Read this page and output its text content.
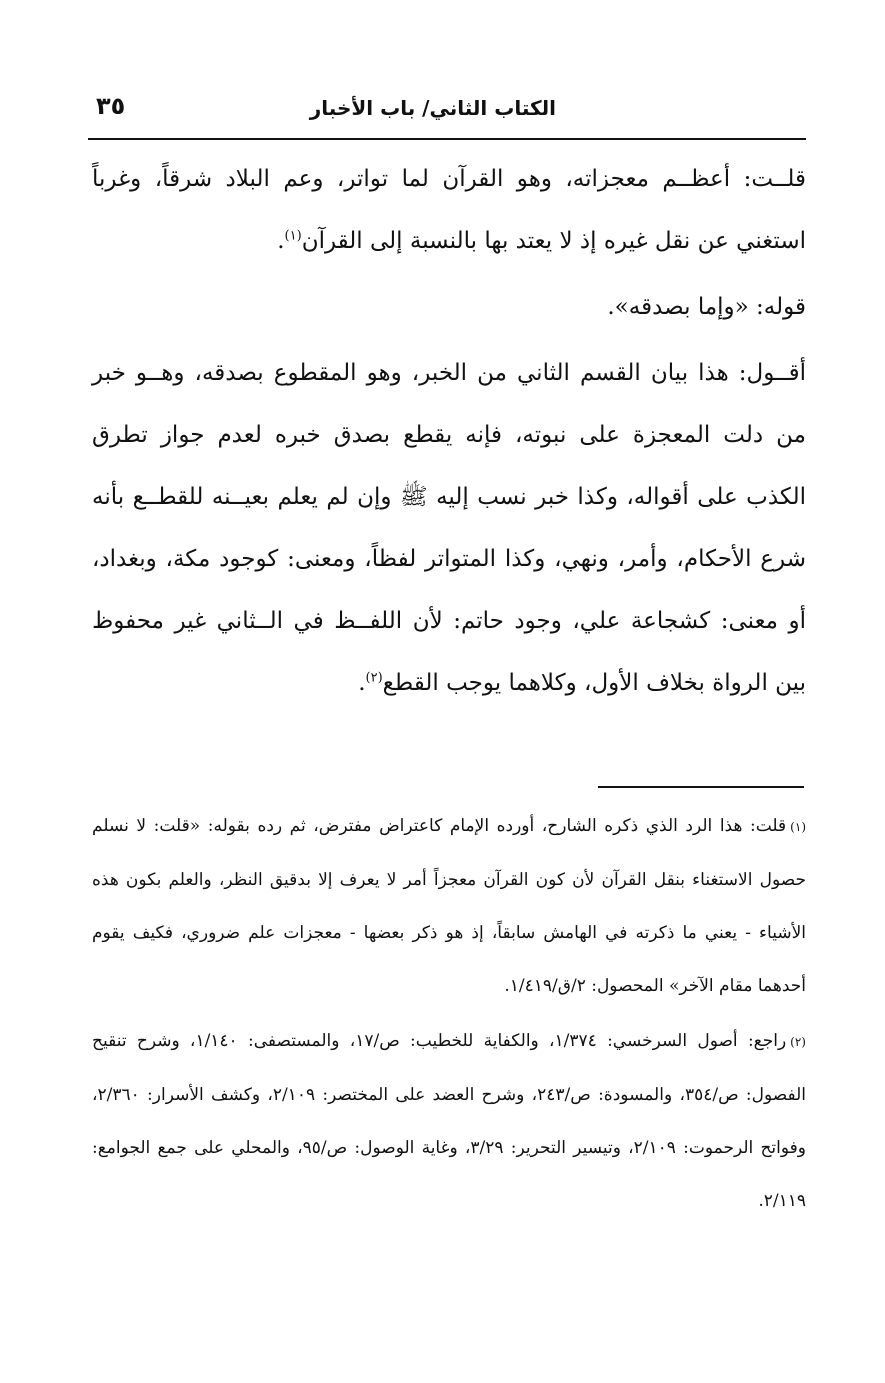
الكتاب الثاني/ باب الأخبار
٣٥

قلــت: أعظــم معجزاته، وهو القرآن لما تواتر، وعم البلاد شرقاً، وغرباً استغني عن نقل غيره إذ لا يعتد بها بالنسبة إلى القرآن$^{(١)}$.

قوله: «وإما بصدقه».

أقــول: هذا بيان القسم الثاني من الخبر، وهو المقطوع بصدقه، وهــو خبر من دلت المعجزة على نبوته، فإنه يقطع بصدق خبره لعدم جواز تطرق الكذب على أقواله، وكذا خبر نسب إليه ﷺ وإن لم يعلم بعيــنه للقطــع بأنه شرع الأحكام، وأمر، ونهي، وكذا المتواتر لفظاً، ومعنى: كوجود مكة، وبغداد، أو معنى: كشجاعة علي، وجود حاتم: لأن اللفــظ في الــثاني غير محفوظ بين الرواة بخلاف الأول، وكلاهما يوجب القطع$^{(٢)}$.

(١)قلت: هذا الرد الذي ذكره الشارح، أورده الإمام كاعتراض مفترض، ثم رده بقوله: «قلت: لا نسلم حصول الاستغناء بنقل القرآن لأن كون القرآن معجزاً أمر لا يعرف إلا بدقيق النظر، والعلم بكون هذه الأشياء - يعني ما ذكرته في الهامش سابقاً، إذ هو ذكر بعضها - معجزات علم ضروري، فكيف يقوم أحدهما مقام الآخر» المحصول: ٢/ق/١/٤١٩.

(٢)راجع: أصول السرخسي: ١/٣٧٤، والكفاية للخطيب: ص/١٧، والمستصفى: ١/١٤٠، وشرح تنقيح الفصول: ص/٣٥٤، والمسودة: ص/٢٤٣، وشرح العضد على المختصر: ٢/١٠٩، وكشف الأسرار: ٢/٣٦٠، وفواتح الرحموت: ٢/١٠٩، وتيسير التحرير: ٣/٢٩، وغاية الوصول: ص/٩٥، والمحلي على جمع الجوامع: ٢/١١٩.
